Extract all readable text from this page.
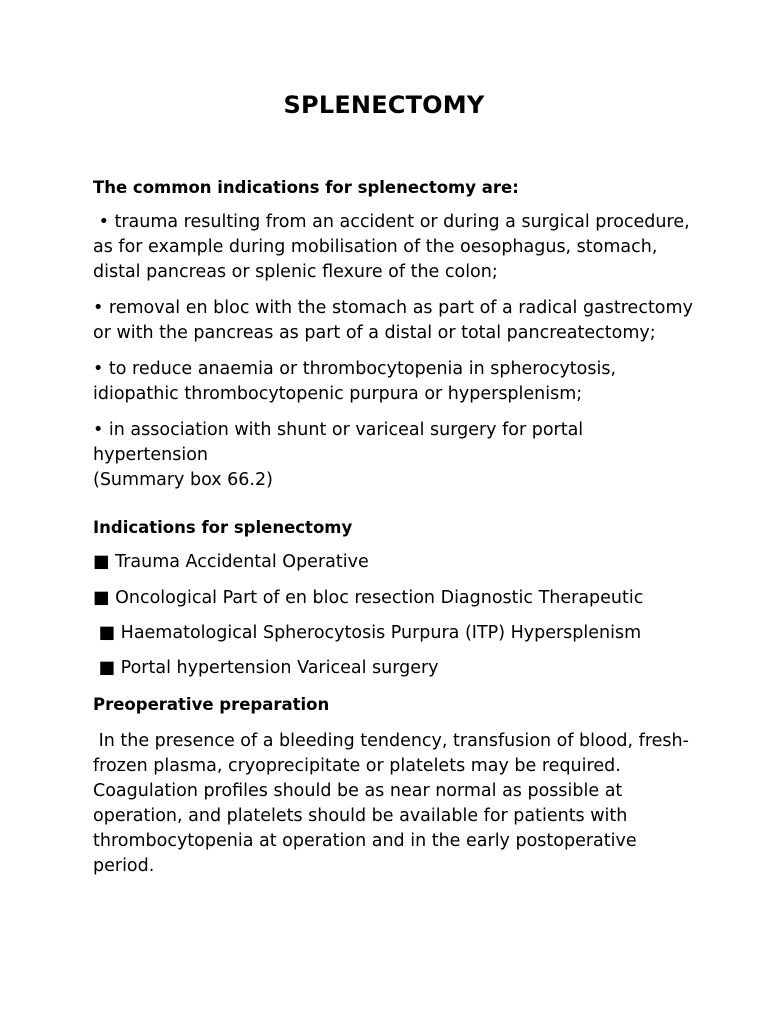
SPLENECTOMY

The common indications for splenectomy are:

• trauma resulting from an accident or during a surgical procedure,
as for example during mobilisation of the oesophagus, stomach,
distal pancreas or splenic flexure of the colon;

• removal en bloc with the stomach as part of a radical gastrectomy
or with the pancreas as part of a distal or total pancreatectomy;

• to reduce anaemia or thrombocytopenia in spherocytosis,
idiopathic thrombocytopenic purpura or hypersplenism;

• in association with shunt or variceal surgery for portal hypertension
(Summary box 66.2)

Indications for splenectomy

■ Trauma Accidental Operative

■ Oncological Part of en bloc resection Diagnostic Therapeutic

■ Haematological Spherocytosis Purpura (ITP) Hypersplenism

■ Portal hypertension Variceal surgery

Preoperative preparation

In the presence of a bleeding tendency, transfusion of blood, fresh-
frozen plasma, cryoprecipitate or platelets may be required.
Coagulation profiles should be as near normal as possible at
operation, and platelets should be available for patients with
thrombocytopenia at operation and in the early postoperative
period.
